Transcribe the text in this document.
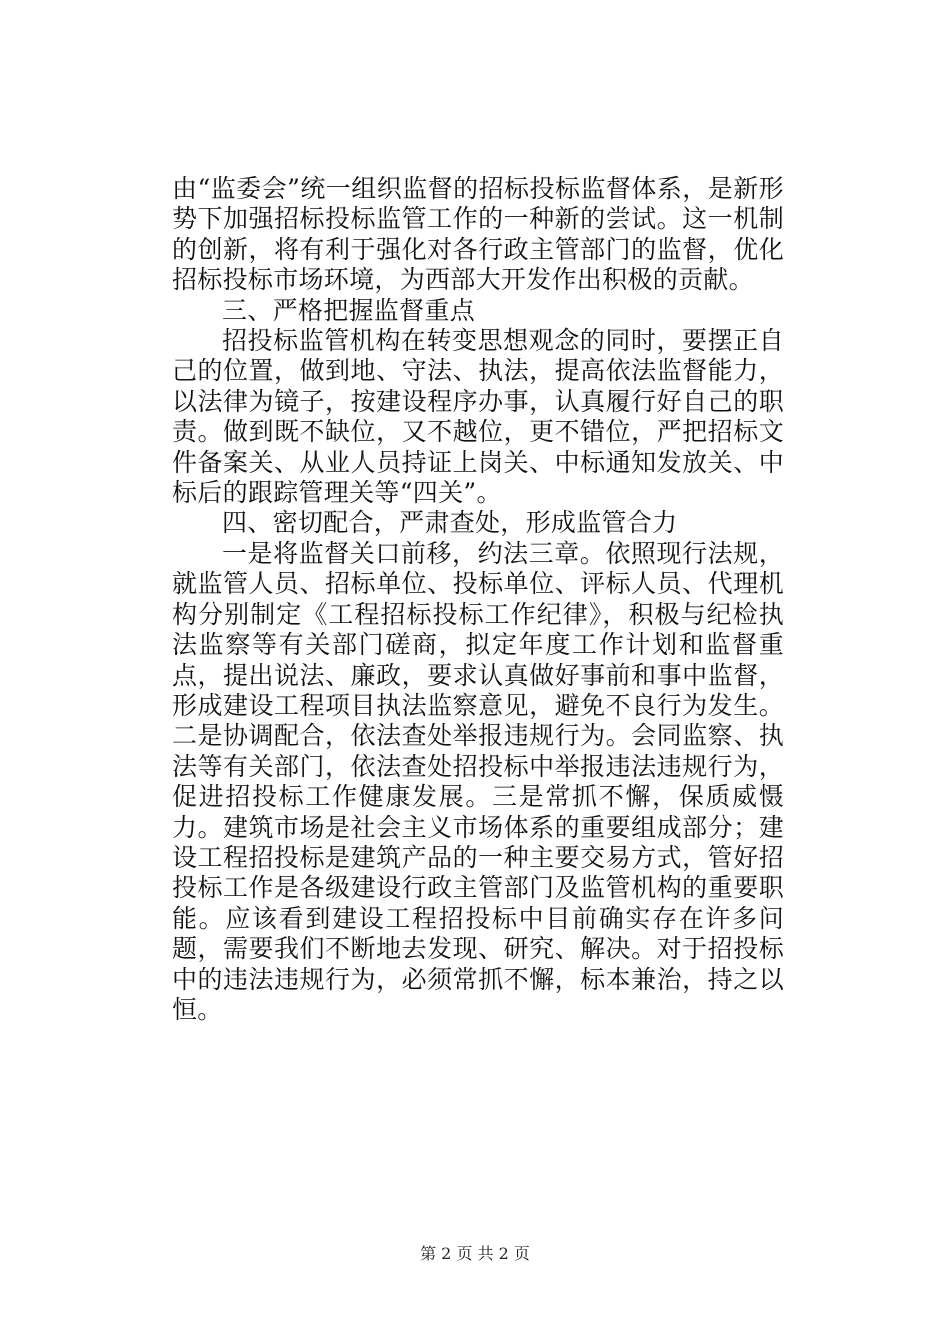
由“监委会”统一组织监督的招标投标监督体系，是新形势下加强招标投标监管工作的一种新的尝试。这一机制的创新，将有利于强化对各行政主管部门的监督，优化招标投标市场环境，为西部大开发作出积极的贡献。

三、严格把握监督重点

招投标监管机构在转变思想观念的同时，要摆正自己的位置，做到地、守法、执法，提高依法监督能力，以法律为镜子，按建设程序办事，认真履行好自己的职责。做到既不缺位，又不越位，更不错位，严把招标文件备案关、从业人员持证上岗关、中标通知发放关、中标后的跟踪管理关等“四关”。

四、密切配合，严肃查处，形成监管合力

一是将监督关口前移，约法三章。依照现行法规，就监管人员、招标单位、投标单位、评标人员、代理机构分别制定《工程招标投标工作纪律》，积极与纪检执法监察等有关部门磋商，拟定年度工作计划和监督重点，提出说法、廉政，要求认真做好事前和事中监督，形成建设工程项目执法监察意见，避免不良行为发生。二是协调配合，依法查处举报违规行为。会同监察、执法等有关部门，依法查处招投标中举报违法违规行为，促进招投标工作健康发展。三是常抓不懈，保质威慑力。建筑市场是社会主义市场体系的重要组成部分；建设工程招投标是建筑产品的一种主要交易方式，管好招投标工作是各级建设行政主管部门及监管机构的重要职能。应该看到建设工程招投标中目前确实存在许多问题，需要我们不断地去发现、研究、解决。对于招投标中的违法违规行为，必须常抓不懈，标本兼治，持之以恒。

第 2 页 共 2 页
